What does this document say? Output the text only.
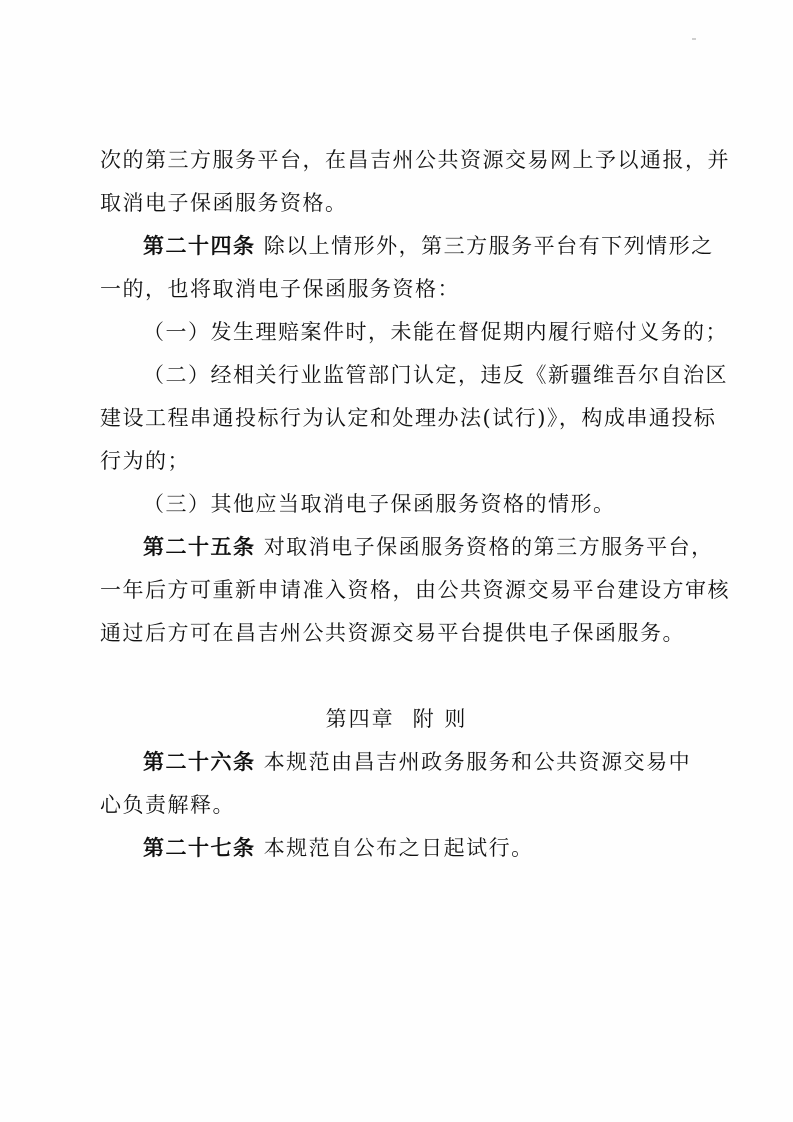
次的第三方服务平台，在昌吉州公共资源交易网上予以通报，并
取消电子保函服务资格。
第二十四条 除以上情形外，第三方服务平台有下列情形之
一的，也将取消电子保函服务资格：
（一）发生理赔案件时，未能在督促期内履行赔付义务的；
（二）经相关行业监管部门认定，违反《新疆维吾尔自治区
建设工程串通投标行为认定和处理办法(试行)》，构成串通投标
行为的；
（三）其他应当取消电子保函服务资格的情形。
第二十五条 对取消电子保函服务资格的第三方服务平台，
一年后方可重新申请准入资格，由公共资源交易平台建设方审核
通过后方可在昌吉州公共资源交易平台提供电子保函服务。
第四章 附 则
第二十六条 本规范由昌吉州政务服务和公共资源交易中
心负责解释。
第二十七条 本规范自公布之日起试行。
